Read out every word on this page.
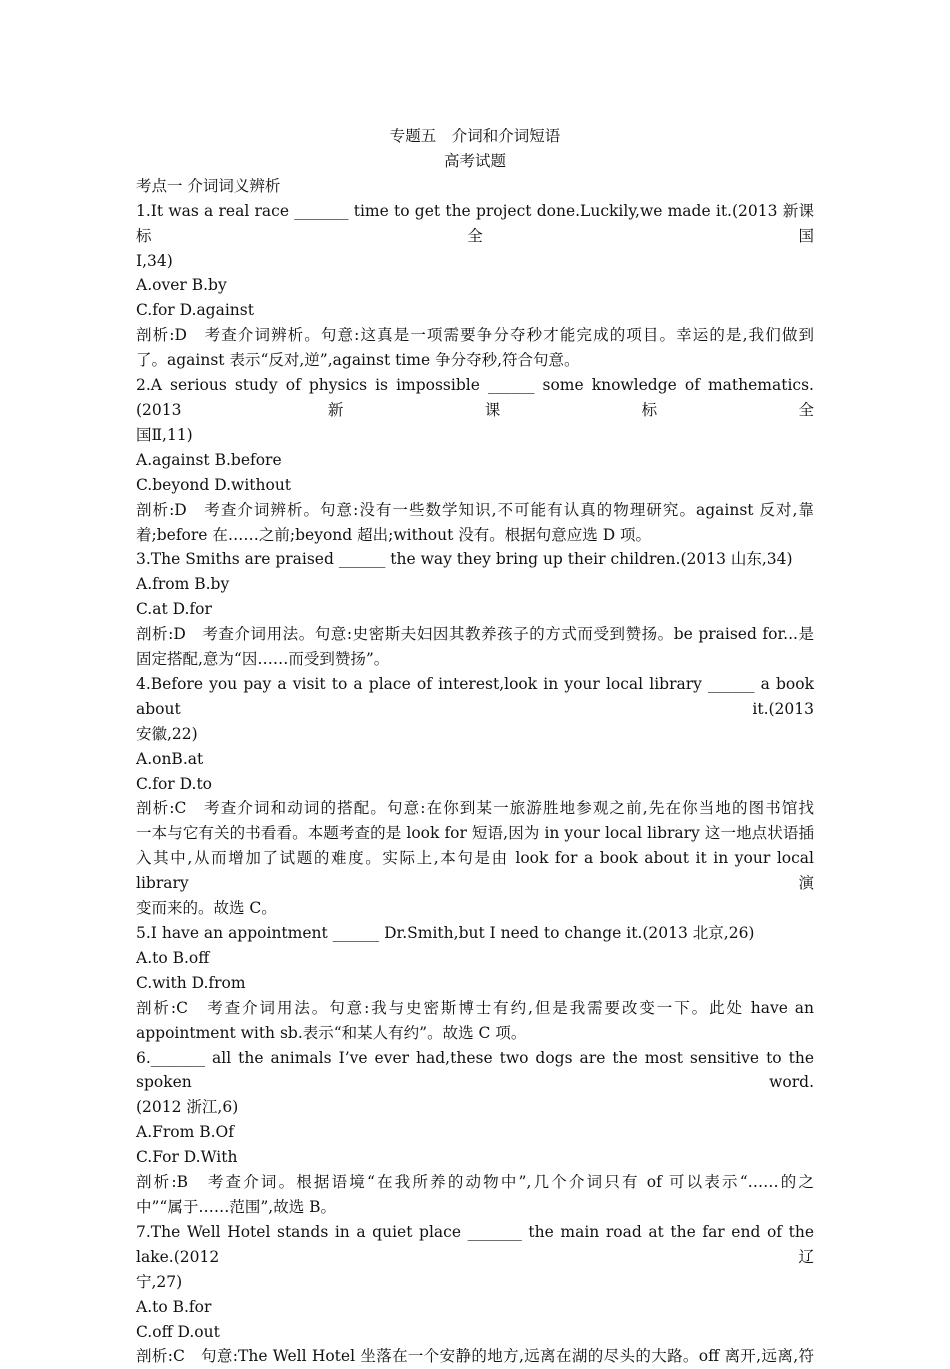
专题五　介词和介词短语

高考试题

考点一 介词词义辨析

1.It was a real race _______ time to get the project done.Luckily,we made it.(2013 新课标全国

Ⅰ,34)

A.over B.by

C.for D.against

剖析:D　考查介词辨析。句意:这真是一项需要争分夺秒才能完成的项目。幸运的是,我们做到

了。against 表示“反对,逆”,against time 争分夺秒,符合句意。

2.A serious study of physics is impossible ______ some knowledge of mathematics.(2013 新课标全

国Ⅱ,11)

A.against B.before

C.beyond D.without

剖析:D　考查介词辨析。句意:没有一些数学知识,不可能有认真的物理研究。against 反对,靠

着;before 在……之前;beyond 超出;without 没有。根据句意应选 D 项。

3.The Smiths are praised ______ the way they bring up their children.(2013 山东,34)

A.from B.by

C.at D.for

剖析:D　考查介词用法。句意:史密斯夫妇因其教养孩子的方式而受到赞扬。be praised for...是

固定搭配,意为“因……而受到赞扬”。

4.Before you pay a visit to a place of interest,look in your local library ______ a book about it.(2013

安徽,22)

A.onB.at

C.for D.to

剖析:C　考查介词和动词的搭配。句意:在你到某一旅游胜地参观之前,先在你当地的图书馆找

一本与它有关的书看看。本题考查的是 look for 短语,因为 in your local library 这一地点状语插

入其中,从而增加了试题的难度。实际上,本句是由 look for a book about it in your local library 演

变而来的。故选 C。

5.I have an appointment ______ Dr.Smith,but I need to change it.(2013 北京,26)

A.to B.off

C.with D.from

剖析:C　考查介词用法。句意:我与史密斯博士有约,但是我需要改变一下。此处 have an

appointment with sb.表示“和某人有约”。故选 C 项。

6._______ all the animals I’ve ever had,these two dogs are the most sensitive to the spoken word.

(2012 浙江,6)

A.From B.Of

C.For D.With

剖析:B　考查介词。根据语境“在我所养的动物中”,几个介词只有 of 可以表示“……的之

中”“属于……范围”,故选 B。

7.The Well Hotel stands in a quiet place _______ the main road at the far end of the lake.(2012 辽

宁,27)

A.to B.for

C.off D.out

剖析:C　句意:The Well Hotel 坐落在一个安静的地方,远离在湖的尽头的大路。off 离开,远离,符
